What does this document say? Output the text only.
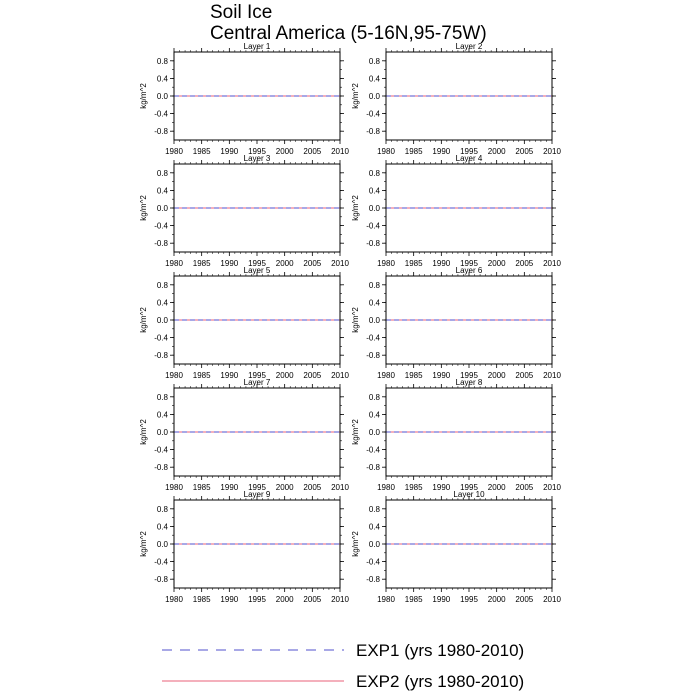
Soil Ice
Central America (5-16N,95-75W)
Layer 1
0.8
0.4
0.0
-0.4
-0.8
1980 1985 1990 1995 2000 2005 2010
kg/m^2
Layer 2
0.8
0.4
0.0
-0.4
-0.8
1980 1985 1990 1995 2000 2005 2010
kg/m^2
Layer 3
0.8
0.4
0.0
-0.4
-0.8
1980 1985 1990 1995 2000 2005 2010
kg/m^2
Layer 4
0.8
0.4
0.0
-0.4
-0.8
1980 1985 1990 1995 2000 2005 2010
kg/m^2
Layer 5
0.8
0.4
0.0
-0.4
-0.8
1980 1985 1990 1995 2000 2005 2010
kg/m^2
Layer 6
0.8
0.4
0.0
-0.4
-0.8
1980 1985 1990 1995 2000 2005 2010
kg/m^2
Layer 7
0.8
0.4
0.0
-0.4
-0.8
1980 1985 1990 1995 2000 2005 2010
kg/m^2
Layer 8
0.8
0.4
0.0
-0.4
-0.8
1980 1985 1990 1995 2000 2005 2010
kg/m^2
Layer 9
0.8
0.4
0.0
-0.4
-0.8
1980 1985 1990 1995 2000 2005 2010
kg/m^2
Layer 10
0.8
0.4
0.0
-0.4
-0.8
1980 1985 1990 1995 2000 2005 2010
kg/m^2
EXP1 (yrs 1980-2010)
EXP2 (yrs 1980-2010)
